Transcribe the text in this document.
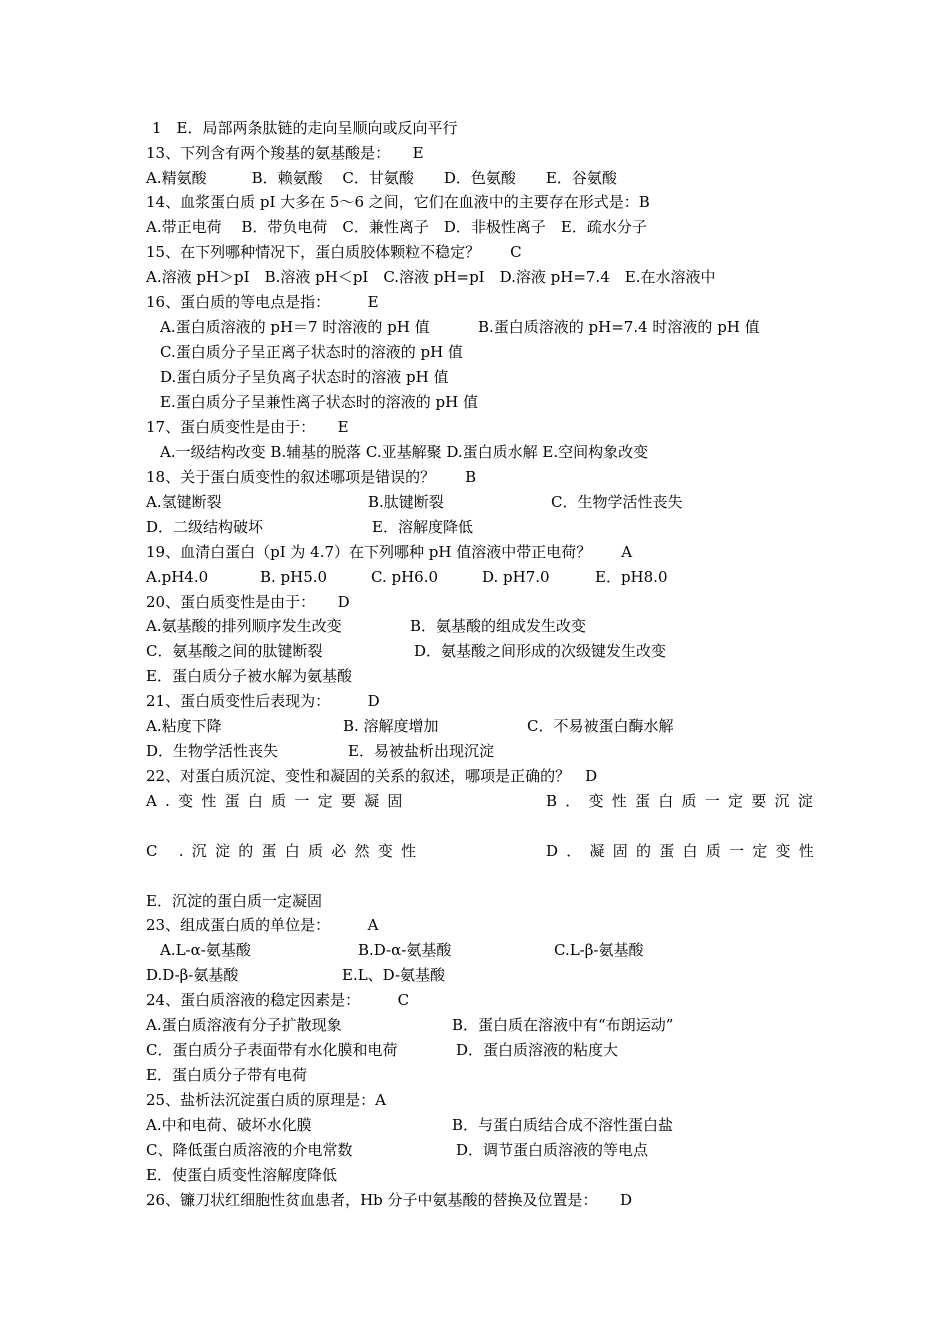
1　E．局部两条肽链的走向呈顺向或反向平行
13、下列含有两个羧基的氨基酸是：　　E
A.精氨酸　　　B．赖氨酸　 C．甘氨酸　　D．色氨酸　　E．谷氨酸
14、血浆蛋白质 pI 大多在 5～6 之间，它们在血液中的主要存在形式是：B
A.带正电荷　 B．带负电荷　C．兼性离子　D．非极性离子　E．疏水分子
15、在下列哪种情况下，蛋白质胶体颗粒不稳定？　　C
A.溶液 pH＞pI　B.溶液 pH＜pI　C.溶液 pH=pI　D.溶液 pH=7.4　E.在水溶液中
16、蛋白质的等电点是指：　　　E
A.蛋白质溶液的 pH＝7 时溶液的 pH 值	B.蛋白质溶液的 pH=7.4 时溶液的 pH 值
C.蛋白质分子呈正离子状态时的溶液的 pH 值
D.蛋白质分子呈负离子状态时的溶液 pH 值
E.蛋白质分子呈兼性离子状态时的溶液的 pH 值
17、蛋白质变性是由于：　　E
A.一级结构改变 B.辅基的脱落 C.亚基解聚 D.蛋白质水解 E.空间构象改变
18、关于蛋白质变性的叙述哪项是错误的？　　B
A.氢键断裂	B.肽键断裂	C．生物学活性丧失
D．二级结构破坏	E．溶解度降低
19、血清白蛋白（pI 为 4.7）在下列哪种 pH 值溶液中带正电荷？　　A
A.pH4.0	B. pH5.0	C. pH6.0	D. pH7.0	E．pH8.0
20、蛋白质变性是由于：　　D
A.氨基酸的排列顺序发生改变	B．氨基酸的组成发生改变
C．氨基酸之间的肽键断裂	D．氨基酸之间形成的次级键发生改变
E．蛋白质分子被水解为氨基酸
21、蛋白质变性后表现为：　　　D
A.粘度下降	B. 溶解度增加	C．不易被蛋白酶水解
D．生物学活性丧失	E．易被盐析出现沉淀
22、对蛋白质沉淀、变性和凝固的关系的叙述，哪项是正确的？　D
A.变性蛋白质一定要凝固	B．变性蛋白质一定要沉淀
C .沉淀的蛋白质必然变性	D．凝固的蛋白质一定变性
E．沉淀的蛋白质一定凝固
23、组成蛋白质的单位是：　　　A
A.L-α-氨基酸	B.D-α-氨基酸	C.L-β-氨基酸
D.D-β-氨基酸	E.L、D-氨基酸
24、蛋白质溶液的稳定因素是：　　　C
A.蛋白质溶液有分子扩散现象	B．蛋白质在溶液中有“布朗运动”
C．蛋白质分子表面带有水化膜和电荷	D．蛋白质溶液的粘度大
E．蛋白质分子带有电荷
25、盐析法沉淀蛋白质的原理是：A
A.中和电荷、破坏水化膜	B．与蛋白质结合成不溶性蛋白盐
C、降低蛋白质溶液的介电常数	D．调节蛋白质溶液的等电点
E．使蛋白质变性溶解度降低
26、镰刀状红细胞性贫血患者，Hb 分子中氨基酸的替换及位置是：　　D
